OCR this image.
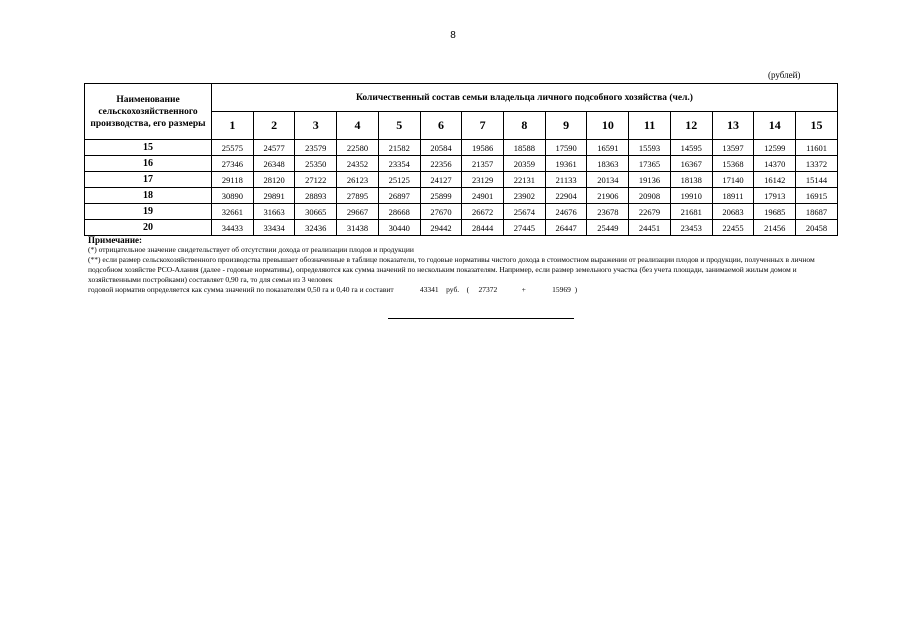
8
(рублей)
Наименование сельскохозяйственного производства, его размеры	Количественный состав семьи владельца личного подсобного хозяйства (чел.)														
	1	2	3	4	5	6	7	8	9	10	11	12	13	14	15
15	25575	24577	23579	22580	21582	20584	19586	18588	17590	16591	15593	14595	13597	12599	11601
16	27346	26348	25350	24352	23354	22356	21357	20359	19361	18363	17365	16367	15368	14370	13372
17	29118	28120	27122	26123	25125	24127	23129	22131	21133	20134	19136	18138	17140	16142	15144
18	30890	29891	28893	27895	26897	25899	24901	23902	22904	21906	20908	19910	18911	17913	16915
19	32661	31663	30665	29667	28668	27670	26672	25674	24676	23678	22679	21681	20683	19685	18687
20	34433	33434	32436	31438	30440	29442	28444	27445	26447	25449	24451	23453	22455	21456	20458
Примечание:
(*) отрицательное значение свидетельствует об отсутствии дохода от реализации плодов и продукции
(**) если размер сельскохозяйственного производства превышает обозначенные в таблице показатели, то годовые нормативы чистого дохода в стоимостном выражении от реализации плодов и продукции, полученных в личном подсобном хозяйстве РСО-Алания (далее - годовые нормативы), определяются как сумма значений по нескольким показателям. Например, если размер земельного участка (без учета площади, занимаемой жилым домом и хозяйственными постройками) составляет 0,90 га, то для семьи из 3 человек
годовой норматив определяется как сумма значений по показателям 0,50 га и 0,40 га и составит              43341    руб.    (     27372             +              15969  )
